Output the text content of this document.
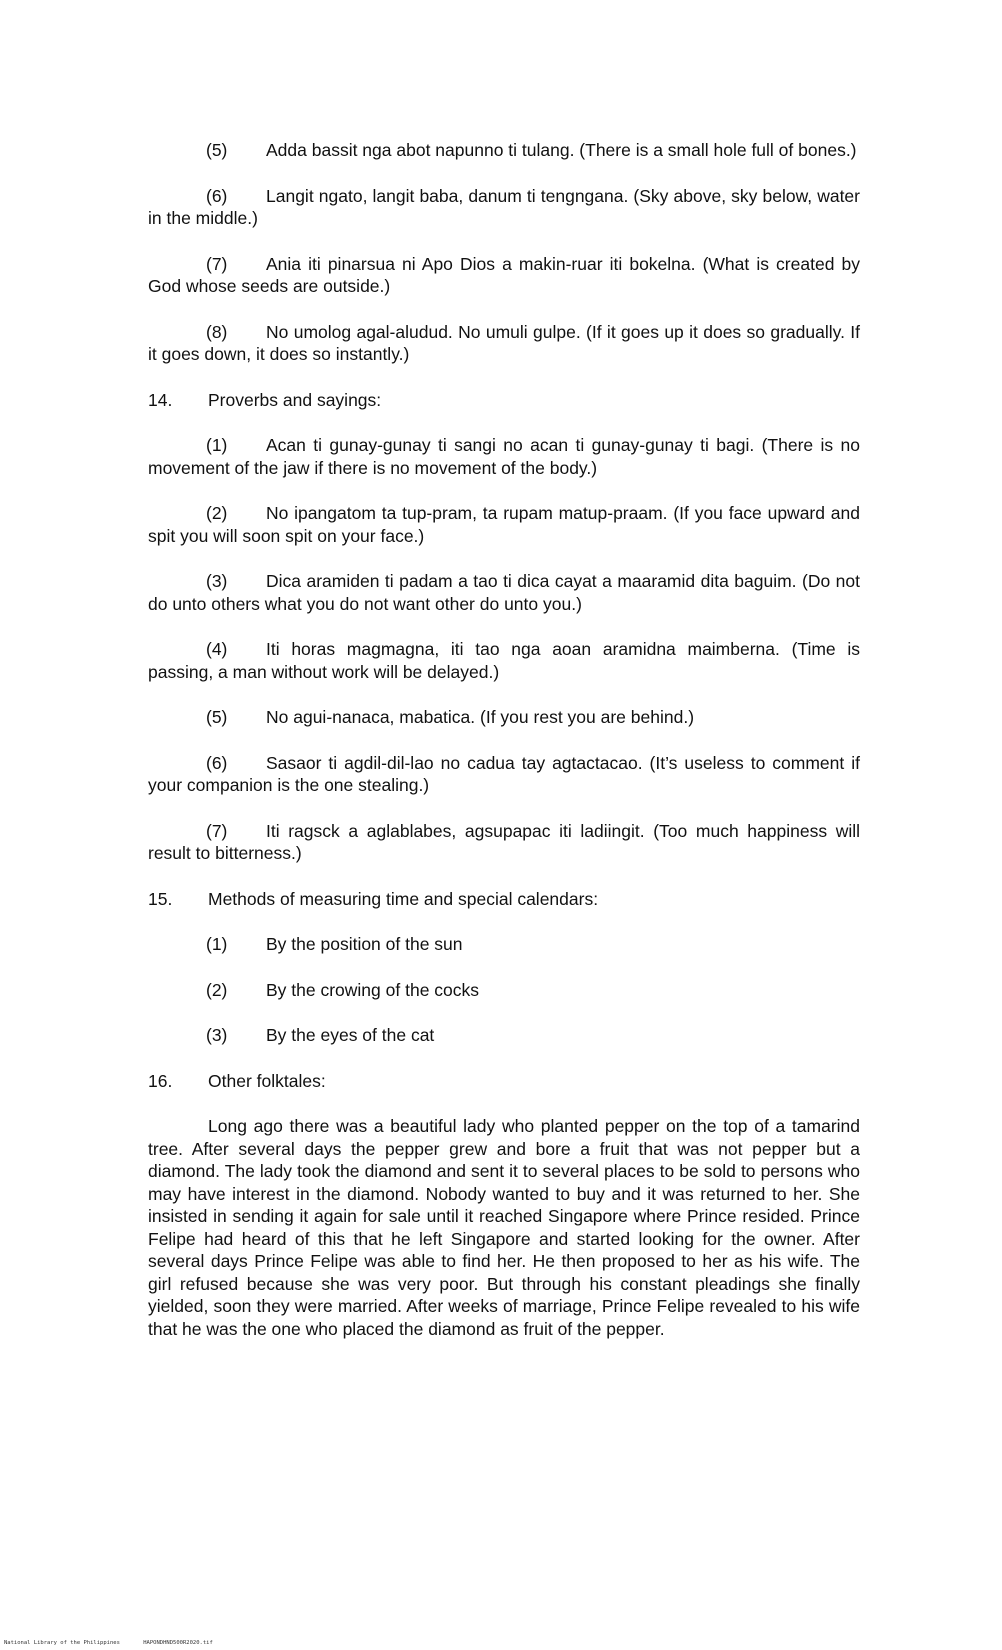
(5) Adda bassit nga abot napunno ti tulang. (There is a small hole full of bones.)
(6) Langit ngato, langit baba, danum ti tengngana. (Sky above, sky below, water in the middle.)
(7) Ania iti pinarsua ni Apo Dios a makin-ruar iti bokelna. (What is created by God whose seeds are outside.)
(8) No umolog agal-aludud. No umuli gulpe. (If it goes up it does so gradually. If it goes down, it does so instantly.)
14. Proverbs and sayings:
(1) Acan ti gunay-gunay ti sangi no acan ti gunay-gunay ti bagi. (There is no movement of the jaw if there is no movement of the body.)
(2) No ipangatom ta tup-pram, ta rupam matup-praam. (If you face upward and spit you will soon spit on your face.)
(3) Dica aramiden ti padam a tao ti dica cayat a maaramid dita baguim. (Do not do unto others what you do not want other do unto you.)
(4) Iti horas magmagna, iti tao nga aoan aramidna maimberna. (Time is passing, a man without work will be delayed.)
(5) No agui-nanaca, mabatica. (If you rest you are behind.)
(6) Sasaor ti agdil-dil-lao no cadua tay agtactacao. (It’s useless to comment if your companion is the one stealing.)
(7) Iti ragsck a aglablabes, agsupapac iti ladiingit. (Too much happiness will result to bitterness.)
15. Methods of measuring time and special calendars:
(1) By the position of the sun
(2) By the crowing of the cocks
(3) By the eyes of the cat
16. Other folktales:
Long ago there was a beautiful lady who planted pepper on the top of a tamarind tree. After several days the pepper grew and bore a fruit that was not pepper but a diamond. The lady took the diamond and sent it to several places to be sold to persons who may have interest in the diamond. Nobody wanted to buy and it was returned to her. She insisted in sending it again for sale until it reached Singapore where Prince resided. Prince Felipe had heard of this that he left Singapore and started looking for the owner. After several days Prince Felipe was able to find her. He then proposed to her as his wife. The girl refused because she was very poor. But through his constant pleadings she finally yielded, soon they were married. After weeks of marriage, Prince Felipe revealed to his wife that he was the one who placed the diamond as fruit of the pepper.
National Library of the Philippines	HAPONDHND500R2020.tif
